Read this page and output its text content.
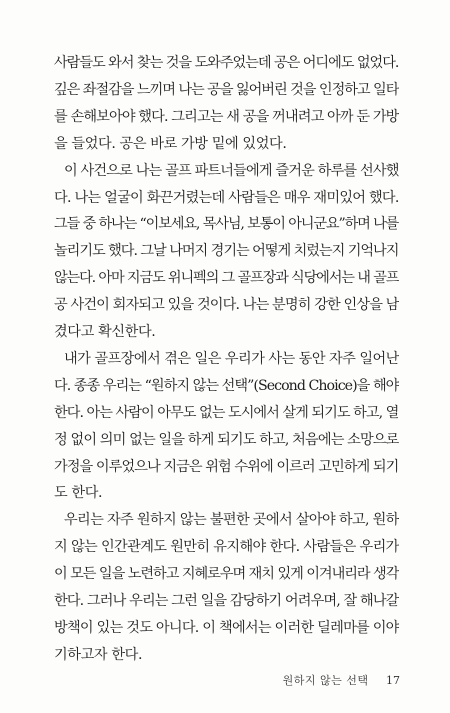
사람들도 와서 찾는 것을 도와주었는데 공은 어디에도 없었다.
깊은 좌절감을 느끼며 나는 공을 잃어버린 것을 인정하고 일타
를 손해보아야 했다. 그리고는 새 공을 꺼내려고 아까 둔 가방
을 들었다. 공은 바로 가방 밑에 있었다.
이 사건으로 나는 골프 파트너들에게 즐거운 하루를 선사했
다. 나는 얼굴이 화끈거렸는데 사람들은 매우 재미있어 했다.
그들 중 하나는 “이보세요, 목사님, 보통이 아니군요”하며 나를
놀리기도 했다. 그날 나머지 경기는 어떻게 치렀는지 기억나지
않는다. 아마 지금도 위니펙의 그 골프장과 식당에서는 내 골프
공 사건이 회자되고 있을 것이다. 나는 분명히 강한 인상을 남
겼다고 확신한다.
내가 골프장에서 겪은 일은 우리가 사는 동안 자주 일어난
다. 종종 우리는 “원하지 않는 선택”(Second Choice)을 해야
한다. 아는 사람이 아무도 없는 도시에서 살게 되기도 하고, 열
정 없이 의미 없는 일을 하게 되기도 하고, 처음에는 소망으로
가정을 이루었으나 지금은 위험 수위에 이르러 고민하게 되기
도 한다.
우리는 자주 원하지 않는 불편한 곳에서 살아야 하고, 원하
지 않는 인간관계도 원만히 유지해야 한다. 사람들은 우리가
이 모든 일을 노련하고 지혜로우며 재치 있게 이겨내리라 생각
한다. 그러나 우리는 그런 일을 감당하기 어려우며, 잘 해나갈
방책이 있는 것도 아니다. 이 책에서는 이러한 딜레마를 이야
기하고자 한다.
원하지 않는 선택 17
